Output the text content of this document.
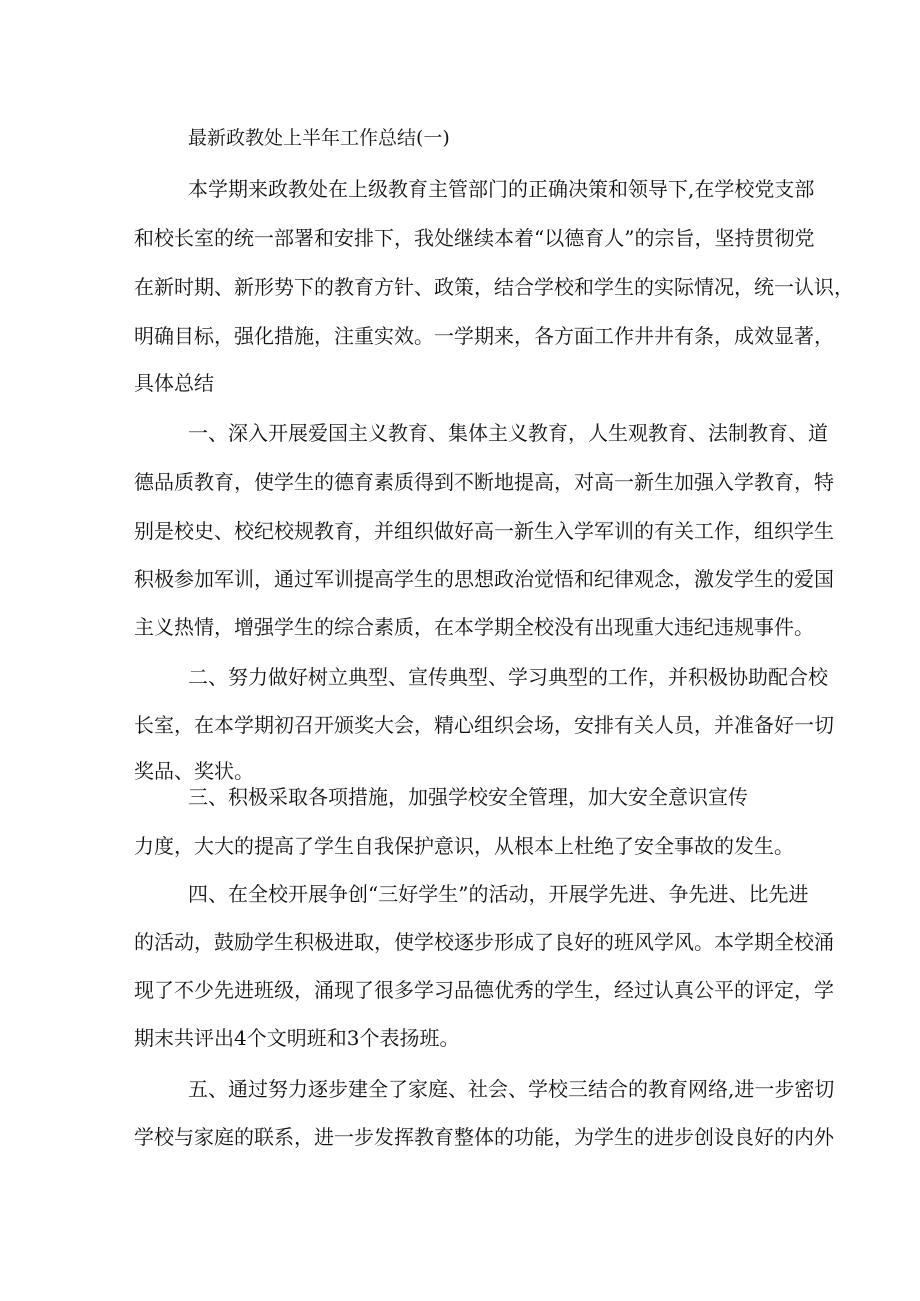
最新政教处上半年工作总结(一)
本学期来政教处在上级教育主管部门的正确决策和领导下,在学校党支部
和校长室的统一部署和安排下，我处继续本着“以德育人”的宗旨，坚持贯彻党
在新时期、新形势下的教育方针、政策，结合学校和学生的实际情况，统一认识，
明确目标，强化措施，注重实效。一学期来，各方面工作井井有条，成效显著，
具体总结
一、深入开展爱国主义教育、集体主义教育，人生观教育、法制教育、道
德品质教育，使学生的德育素质得到不断地提高，对高一新生加强入学教育，特
别是校史、校纪校规教育，并组织做好高一新生入学军训的有关工作，组织学生
积极参加军训，通过军训提高学生的思想政治觉悟和纪律观念，激发学生的爱国
主义热情，增强学生的综合素质，在本学期全校没有出现重大违纪违规事件。
二、努力做好树立典型、宣传典型、学习典型的工作，并积极协助配合校
长室，在本学期初召开颁奖大会，精心组织会场，安排有关人员，并准备好一切
奖品、奖状。
三、积极采取各项措施，加强学校安全管理，加大安全意识宣传
力度，大大的提高了学生自我保护意识，从根本上杜绝了安全事故的发生。
四、在全校开展争创“三好学生”的活动，开展学先进、争先进、比先进
的活动，鼓励学生积极进取，使学校逐步形成了良好的班风学风。本学期全校涌
现了不少先进班级，涌现了很多学习品德优秀的学生，经过认真公平的评定，学
期末共评出4个文明班和3个表扬班。
五、通过努力逐步建全了家庭、社会、学校三结合的教育网络,进一步密切
学校与家庭的联系，进一步发挥教育整体的功能，为学生的进步创设良好的内外
